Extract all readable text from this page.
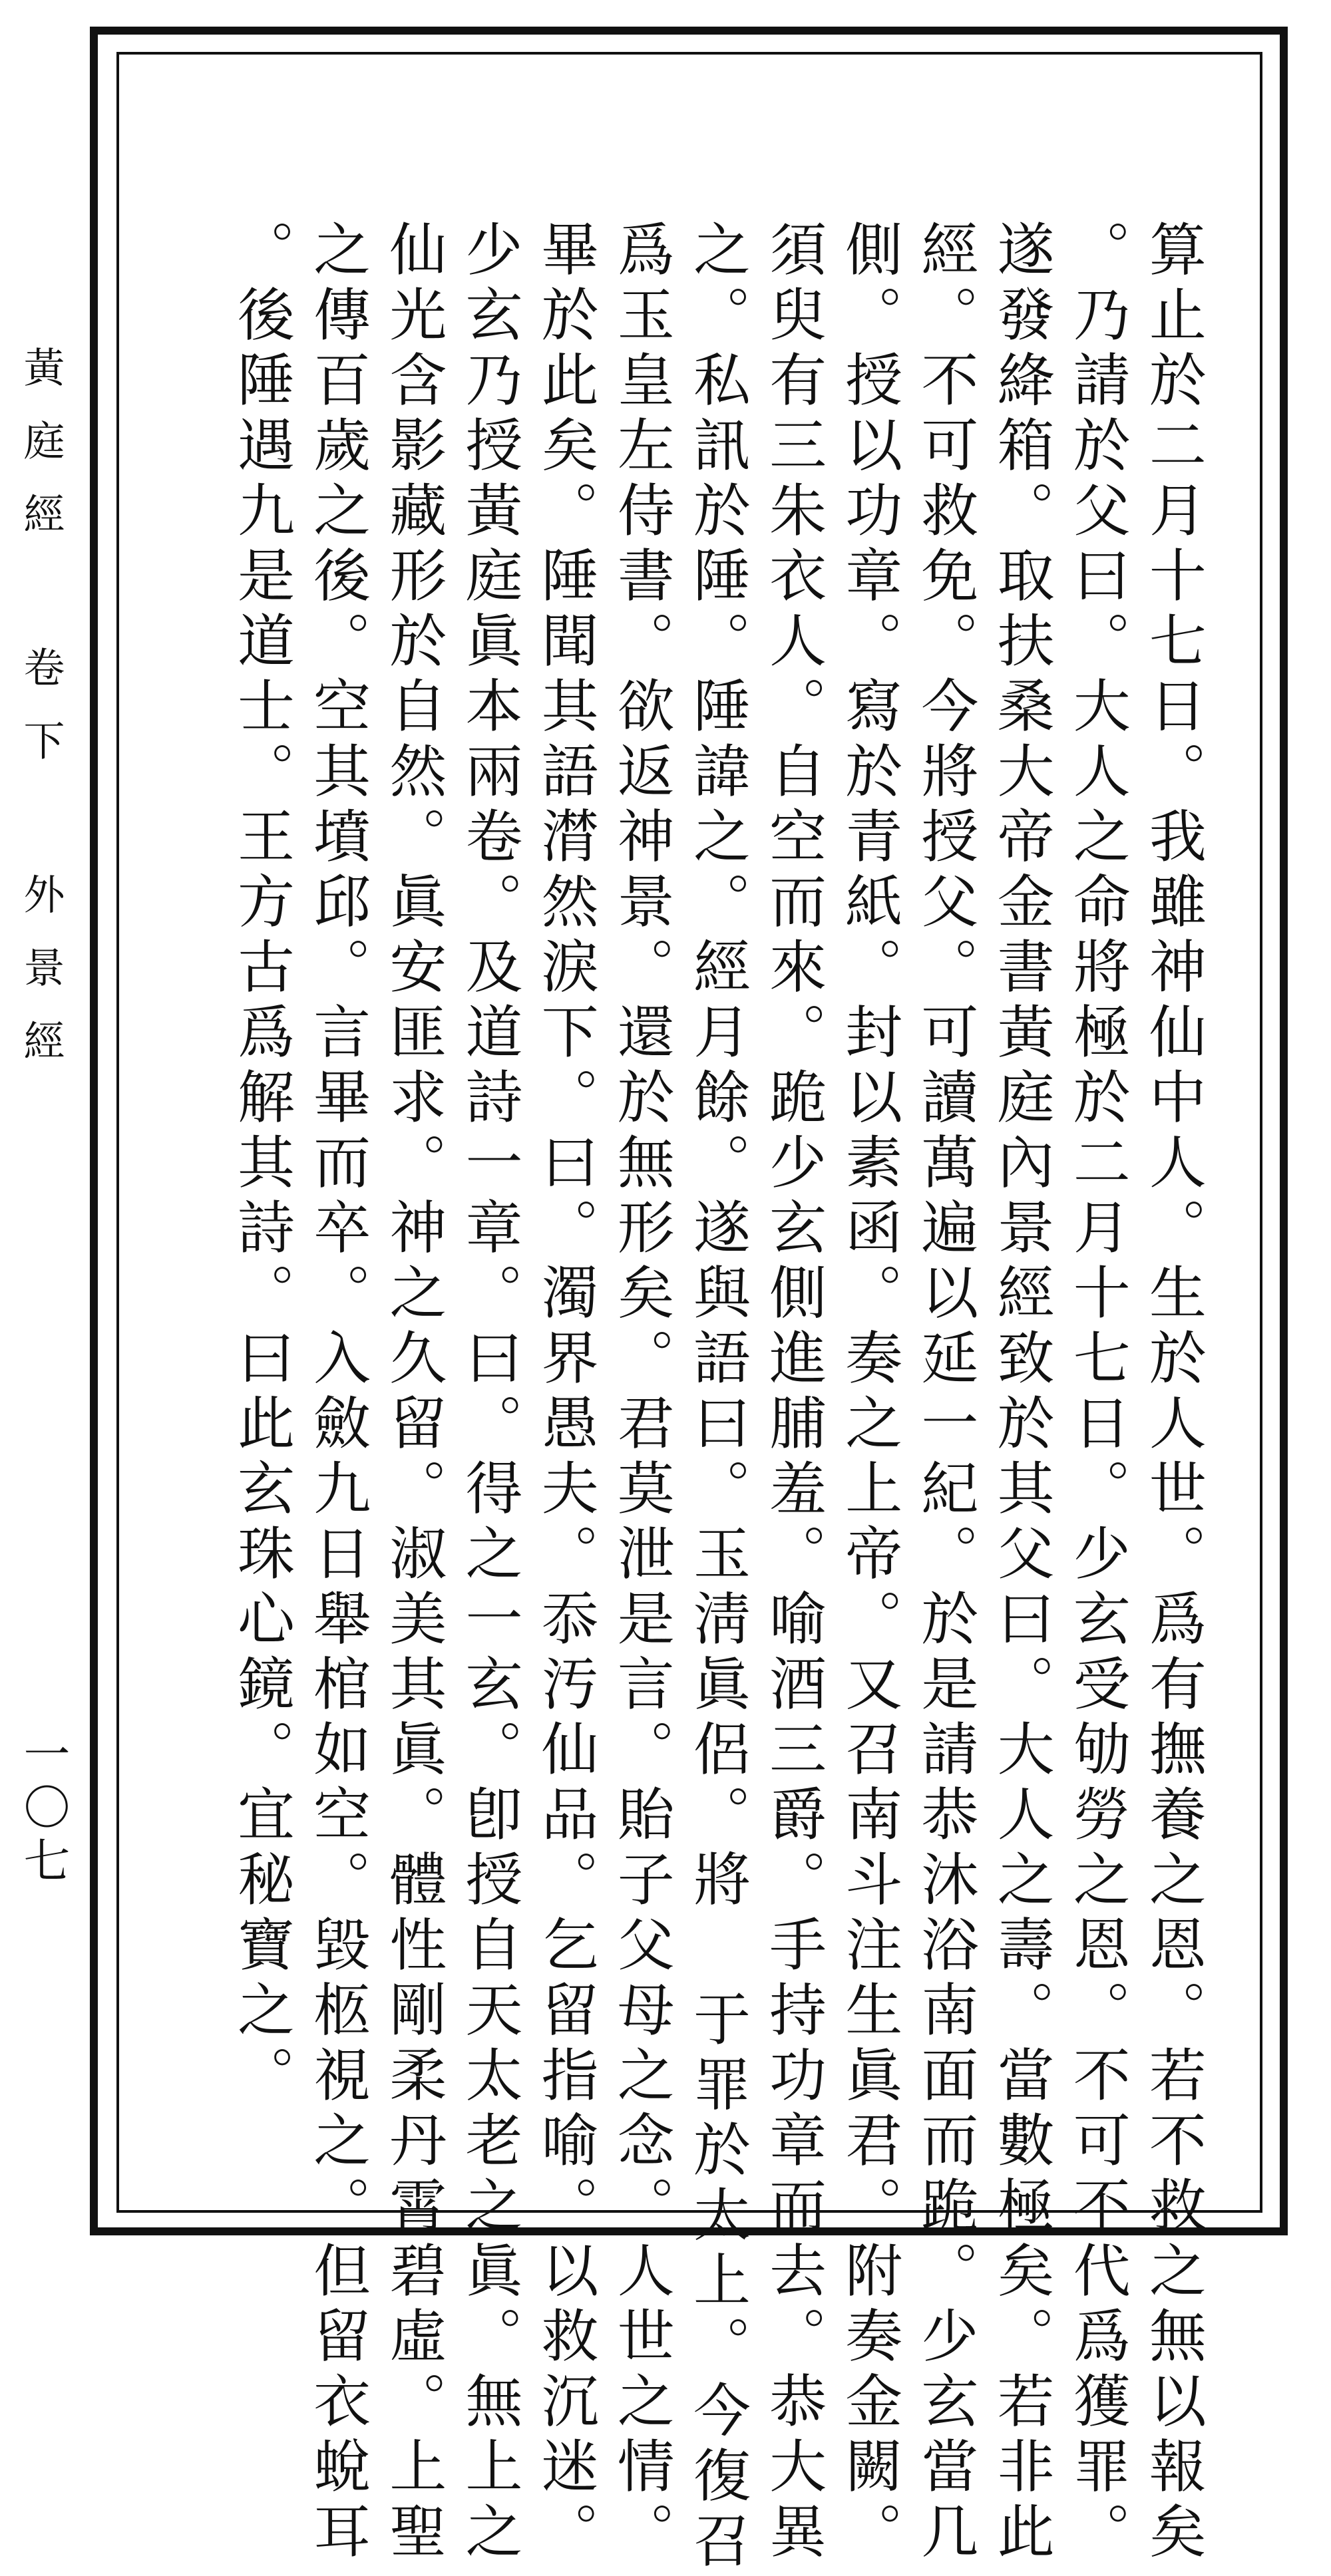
黃庭經 卷下 外景經
一〇七	算止於二月十七日。我雖神仙中人。生於人世。爲有撫養之恩。若不救之無以報矣
。乃請於父曰。大人之命將極於二月十七日。少玄受劬勞之恩。不可不代爲獲罪。
遂發絳箱。取扶桑大帝金書黃庭內景經致於其父曰。大人之壽。當數極矣。若非此
經。不可救免。今將授父。可讀萬遍以延一紀。於是請恭沐浴南面而跪。少玄當几
側。授以功章。寫於青紙。封以素函。奏之上帝。又召南斗注生眞君。附奏金闕。
須臾有三朱衣人。自空而來。跪少玄側進脯羞。喻酒三爵。手持功章而去。恭大異
之。私訊於陲。陲諱之。經月餘。遂與語曰。玉淸眞侶。將 于罪於太上。今復召
爲玉皇左侍書。欲返神景。還於無形矣。君莫泄是言。貽子父母之念。人世之情。
畢於此矣。陲聞其語潸然淚下。曰。濁界愚夫。忝汚仙品。乞留指喻。以救沉迷。
少玄乃授黃庭眞本兩卷。及道詩一章。曰。得之一玄。卽授自天太老之眞。無上之
仙光含影藏形於自然。眞安匪求。神之久留。淑美其眞。體性剛柔丹霄碧虛。上聖
之傳百歲之後。空其墳邱。言畢而卒。入斂九日舉棺如空。毀柩視之。但留衣蛻耳
。後陲遇九是道士。王方古爲解其詩。曰此玄珠心鏡。宜秘寶之。
